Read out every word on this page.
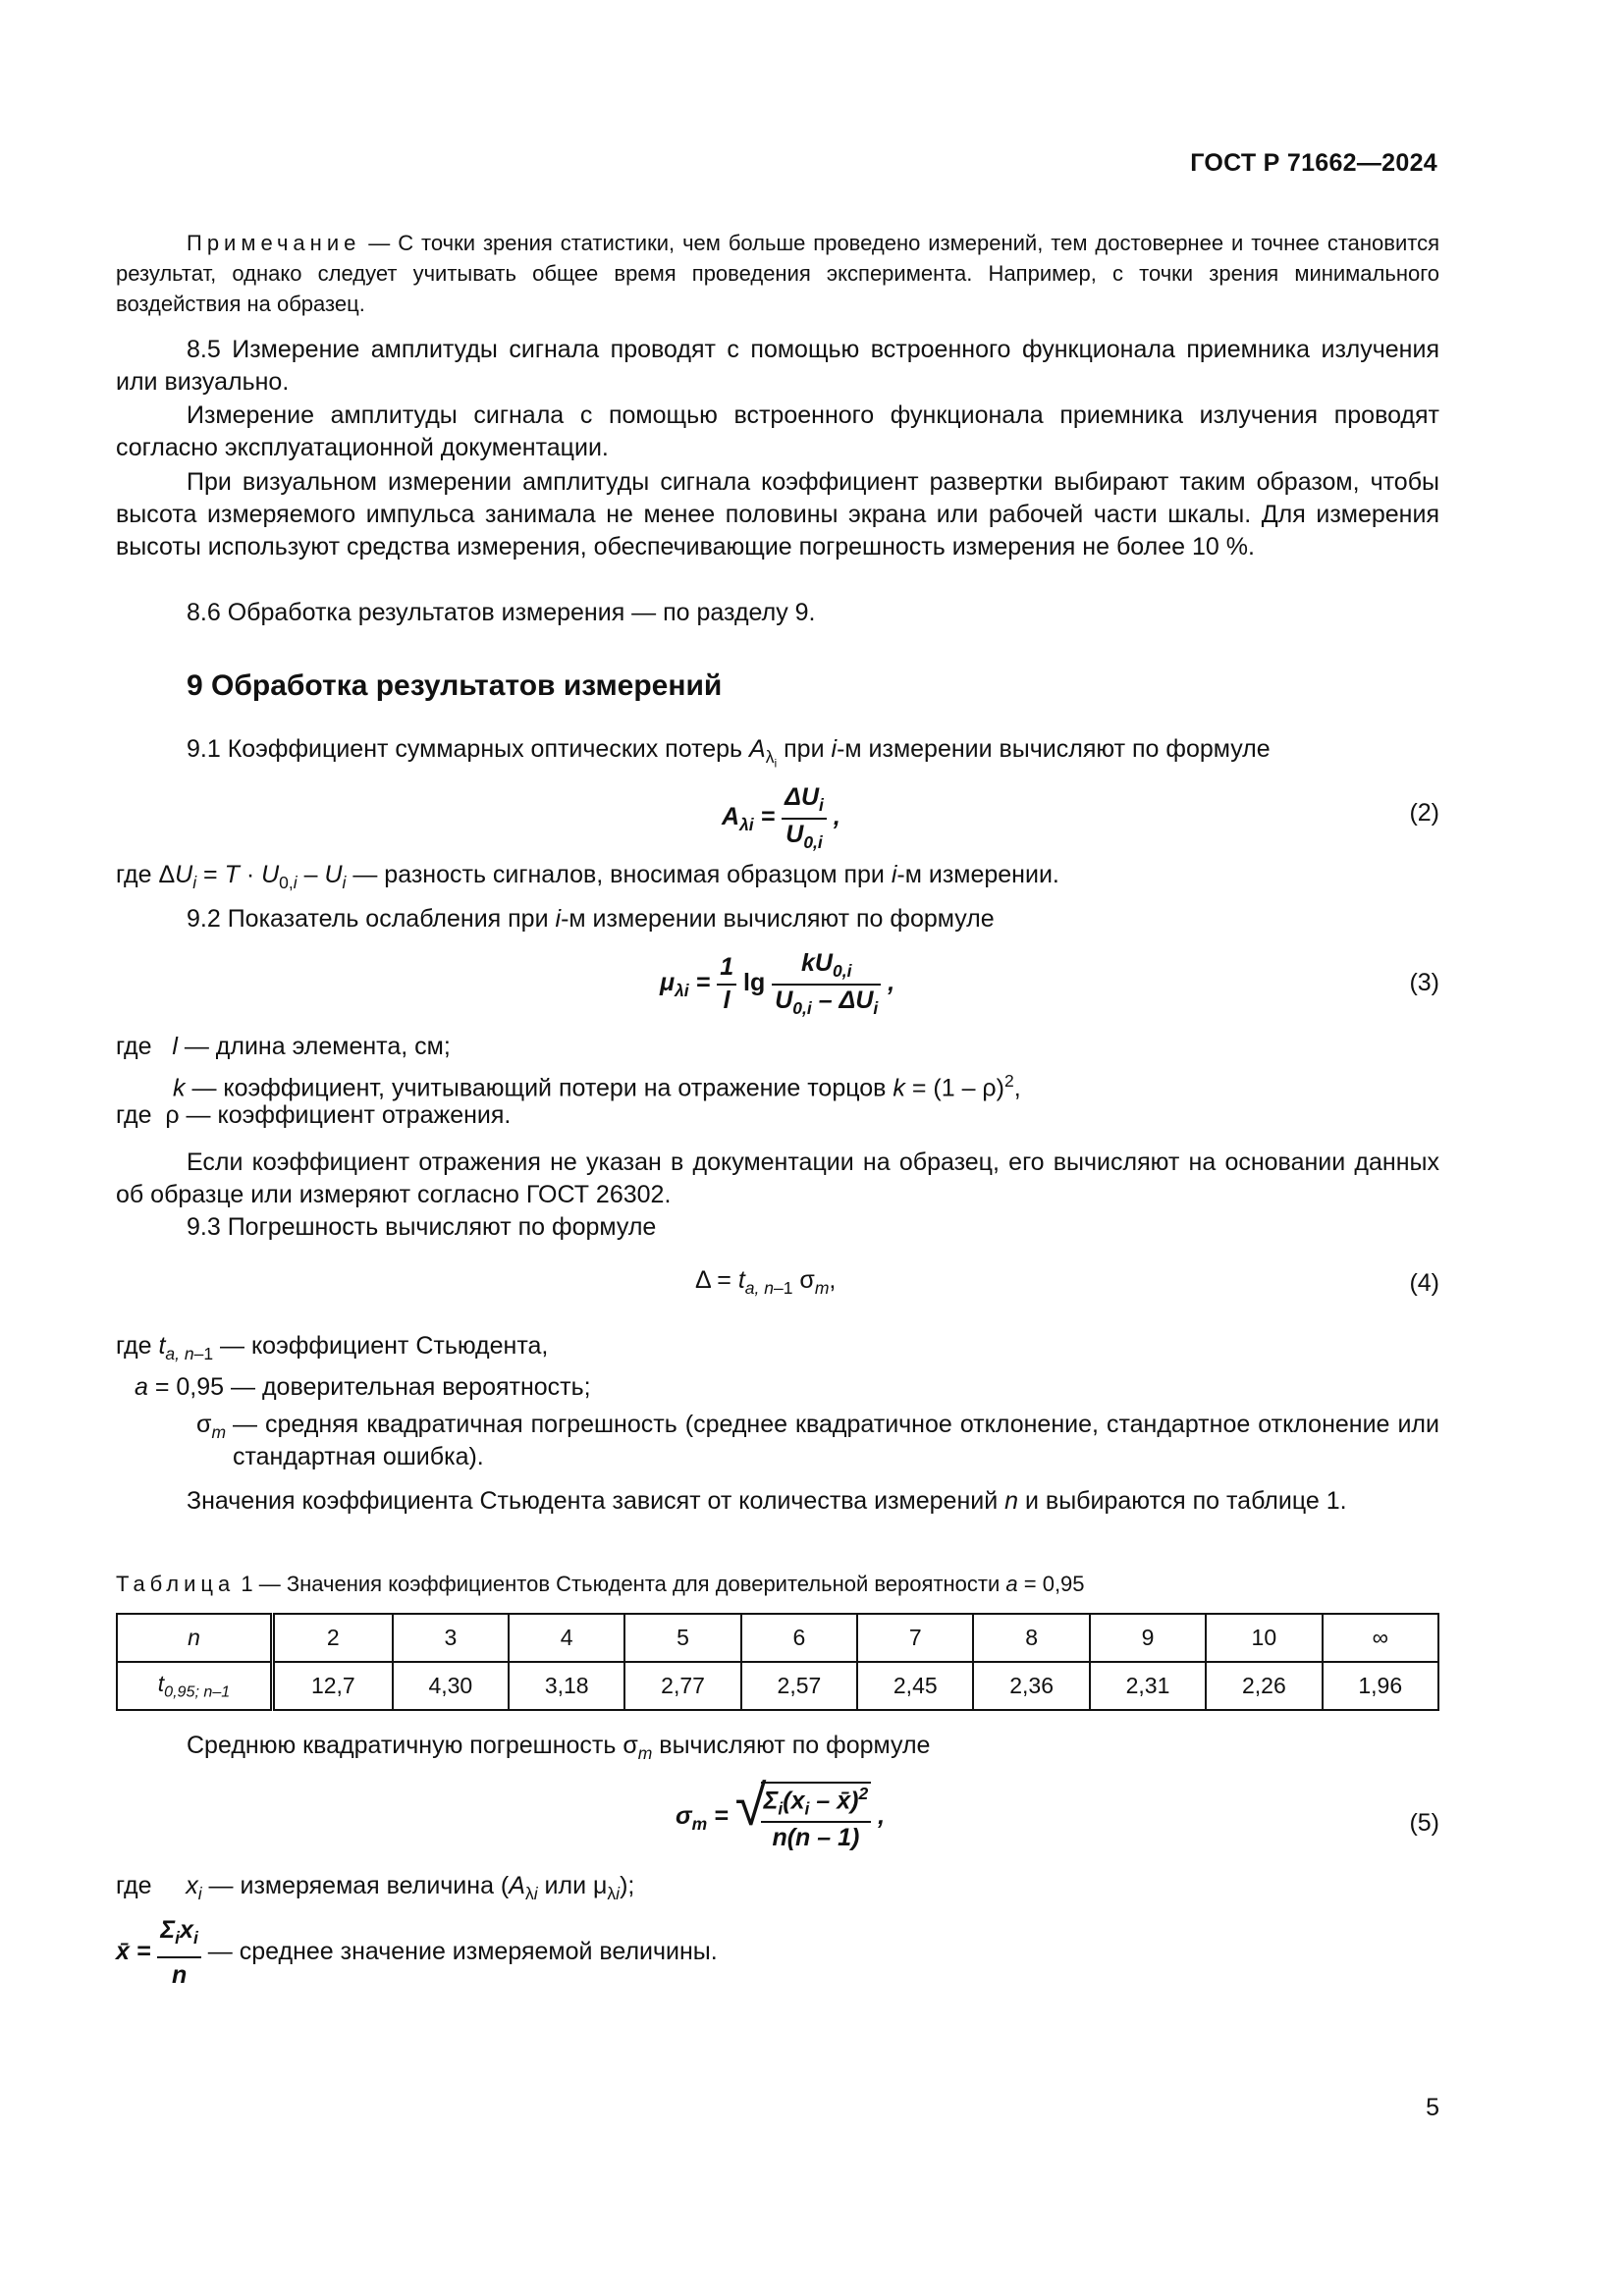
ГОСТ Р 71662—2024
Примечание — С точки зрения статистики, чем больше проведено измерений, тем достовернее и точнее становится результат, однако следует учитывать общее время проведения эксперимента. Например, с точки зрения минимального воздействия на образец.
8.5 Измерение амплитуды сигнала проводят с помощью встроенного функционала приемника излучения или визуально.
Измерение амплитуды сигнала с помощью встроенного функционала приемника излучения проводят согласно эксплуатационной документации.
При визуальном измерении амплитуды сигнала коэффициент развертки выбирают таким образом, чтобы высота измеряемого импульса занимала не менее половины экрана или рабочей части шкалы. Для измерения высоты используют средства измерения, обеспечивающие погрешность измерения не более 10 %.
8.6 Обработка результатов измерения — по разделу 9.
9 Обработка результатов измерений
9.1 Коэффициент суммарных оптических потерь $A_{\lambda_i}$ при i-м измерении вычисляют по формуле
$A_{\lambda i} = \frac{\Delta U_i}{U_{0,i}}$ ,	(2)
где $\Delta U_i = T \cdot U_{0,i} - U_i$ — разность сигналов, вносимая образцом при i-м измерении.
9.2 Показатель ослабления при i-м измерении вычисляют по формуле
$\mu_{\lambda i} = \frac{1}{l}$ $\lg \frac{kU_{0,i}}{U_{0,i} - \Delta U_i}$ ,	(3)
где   l — длина элемента, см;
k — коэффициент, учитывающий потери на отражение торцов k = (1 – ρ)$^2$,
где  ρ — коэффициент отражения.
Если коэффициент отражения не указан в документации на образец, его вычисляют на основании данных об образце или измеряют согласно ГОСТ 26302.
9.3 Погрешность вычисляют по формуле
$\Delta = t_{a, n-1}$ $\sigma_m$,	(4)
где $t_{a, n-1}$ — коэффициент Стьюдента,
a = 0,95 — доверительная вероятность;
$\sigma_m$ — средняя квадратичная погрешность (среднее квадратичное отклонение, стандартное отклонение или стандартная ошибка).
Значения коэффициента Стьюдента зависят от количества измерений n и выбираются по таблице 1.
Таблица 1 — Значения коэффициентов Стьюдента для доверительной вероятности a = 0,95
n	2	3	4	5	6	7	8	9	10	∞
$t_{0,95; n-1}$	12,7	4,30	3,18	2,77	2,57	2,45	2,36	2,31	2,26	1,96
Среднюю квадратичную погрешность $\sigma_m$ вычисляют по формуле
$\sigma_m$ = √
$\frac{\Sigma_i(x_i - x̄)^2}{n(n - 1)}$ ,	(5)
где     $x_i$ — измеряемая величина ($A_{\lambda i}$ или $\mu_{\lambda i}$);
x̄ = $\frac{\Sigma_ix_i}{n}$ — среднее значение измеряемой величины.
5
